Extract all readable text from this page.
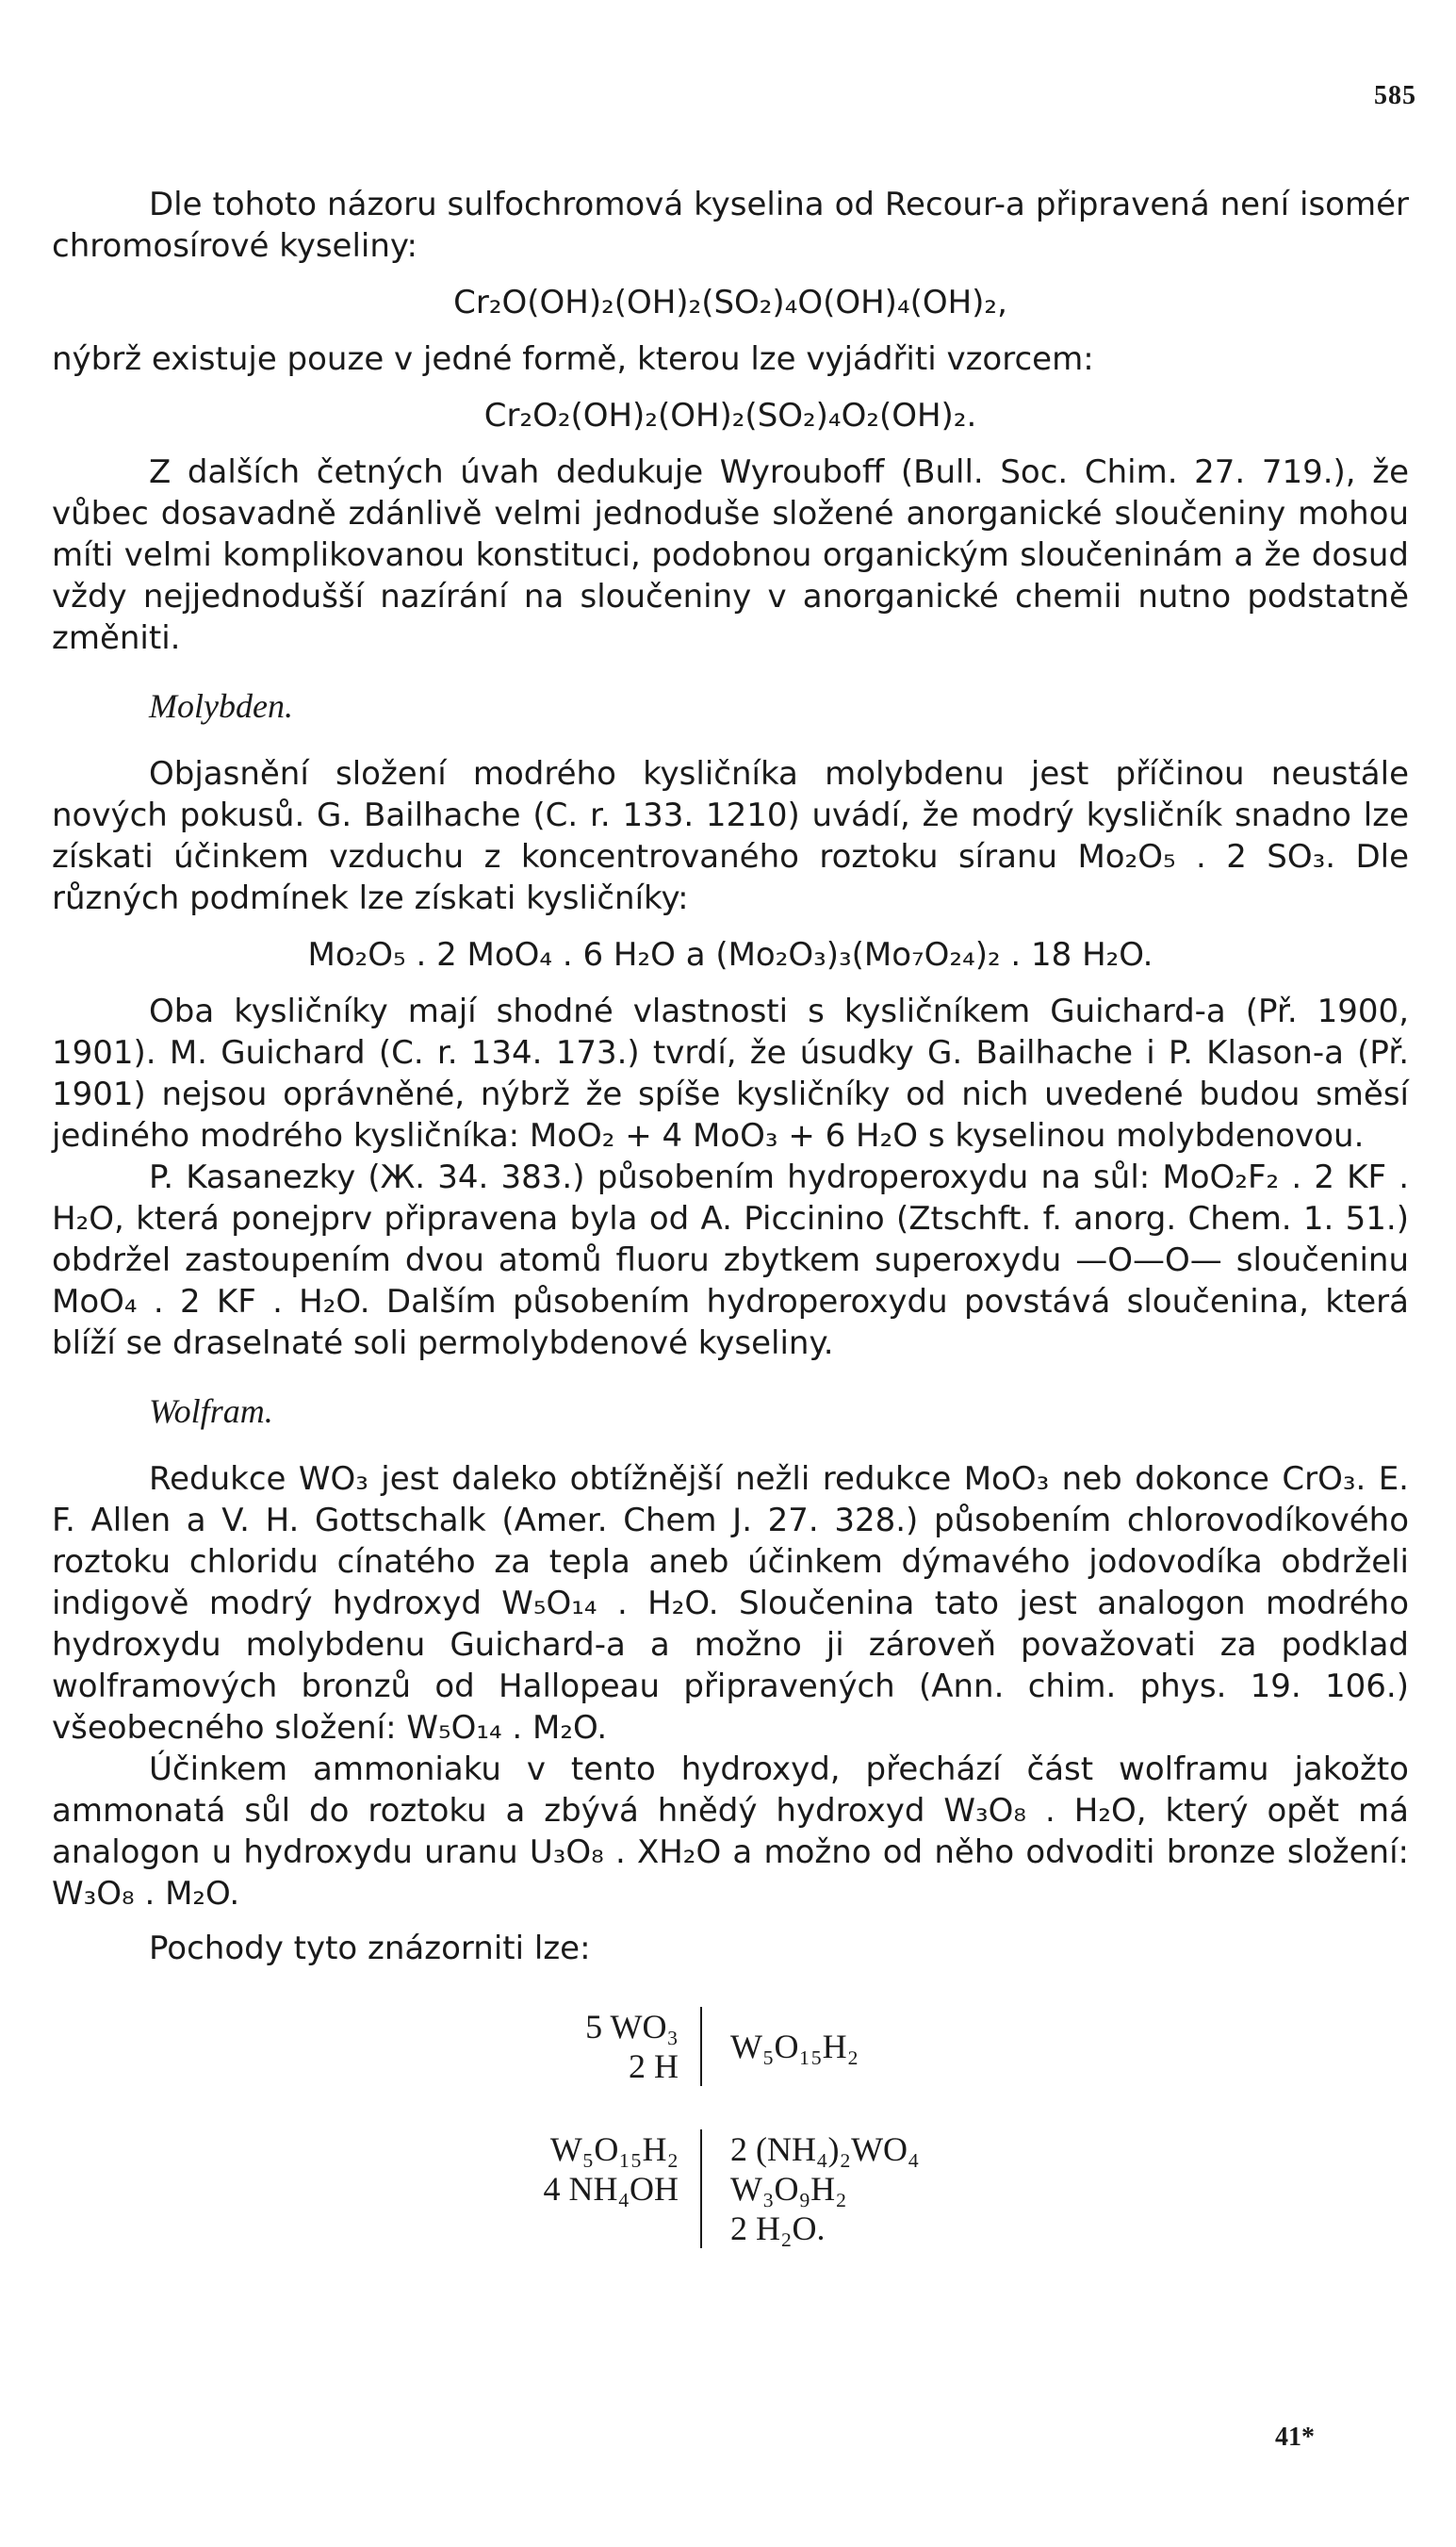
585

Dle tohoto názoru sulfochromová kyselina od Recour-a připravená není isomér chromosírové kyseliny:

Cr₂O(OH)₂(OH)₂(SO₂)₄O(OH)₄(OH)₂,

nýbrž existuje pouze v jedné formě, kterou lze vyjádřiti vzorcem:

Cr₂O₂(OH)₂(OH)₂(SO₂)₄O₂(OH)₂.

Z dalších četných úvah dedukuje Wyrouboff (Bull. Soc. Chim. 27. 719.), že vůbec dosavadně zdánlivě velmi jednoduše složené anorganické sloučeniny mohou míti velmi komplikovanou konstituci, podobnou organickým sloučeninám a že dosud vždy nejjednodušší nazírání na sloučeniny v anorganické chemii nutno podstatně změniti.

Molybden.

Objasnění složení modrého kysličníka molybdenu jest příčinou neustále nových pokusů. G. Bailhache (C. r. 133. 1210) uvádí, že modrý kysličník snadno lze získati účinkem vzduchu z koncentrovaného roztoku síranu Mo₂O₅ . 2 SO₃. Dle různých podmínek lze získati kysličníky:

Mo₂O₅ . 2 MoO₄ . 6 H₂O a (Mo₂O₃)₃(Mo₇O₂₄)₂ . 18 H₂O.

Oba kysličníky mají shodné vlastnosti s kysličníkem Guichard-a (Př. 1900, 1901). M. Guichard (C. r. 134. 173.) tvrdí, že úsudky G. Bailhache i P. Klason-a (Př. 1901) nejsou oprávněné, nýbrž že spíše kysličníky od nich uvedené budou směsí jediného modrého kysličníka: MoO₂ + 4 MoO₃ + 6 H₂O s kyselinou molybdenovou.

P. Kasanezky (Ж. 34. 383.) působením hydroperoxydu na sůl: MoO₂F₂ . 2 KF . H₂O, která ponejprv připravena byla od A. Piccinino (Ztschft. f. anorg. Chem. 1. 51.) obdržel zastoupením dvou atomů fluoru zbytkem superoxydu —O—O— sloučeninu MoO₄ . 2 KF . H₂O. Dalším působením hydroperoxydu povstává sloučenina, která blíží se draselnaté soli permolybdenové kyseliny.

Wolfram.

Redukce WO₃ jest daleko obtížnější nežli redukce MoO₃ neb dokonce CrO₃. E. F. Allen a V. H. Gottschalk (Amer. Chem J. 27. 328.) působením chlorovodíkového roztoku chloridu cínatého za tepla aneb účinkem dýmavého jodovodíka obdrželi indigově modrý hydroxyd W₅O₁₄ . H₂O. Sloučenina tato jest analogon modrého hydroxydu molybdenu Guichard-a a možno ji zároveň považovati za podklad wolframových bronzů od Hallopeau připravených (Ann. chim. phys. 19. 106.) všeobecného složení: W₅O₁₄ . M₂O.

Účinkem ammoniaku v tento hydroxyd, přechází část wolframu jakožto ammonatá sůl do roztoku a zbývá hnědý hydroxyd W₃O₈ . H₂O, který opět má analogon u hydroxydu uranu U₃O₈ . XH₂O a možno od něho odvoditi bronze složení: W₃O₈ . M₂O.

Pochody tyto znázorniti lze:

5 WO₃
2 H
W₅O₁₅H₂
W₅O₁₅H₂
4 NH₄OH
2 (NH₄)₂WO₄
W₃O₉H₂
2 H₂O.
41*
